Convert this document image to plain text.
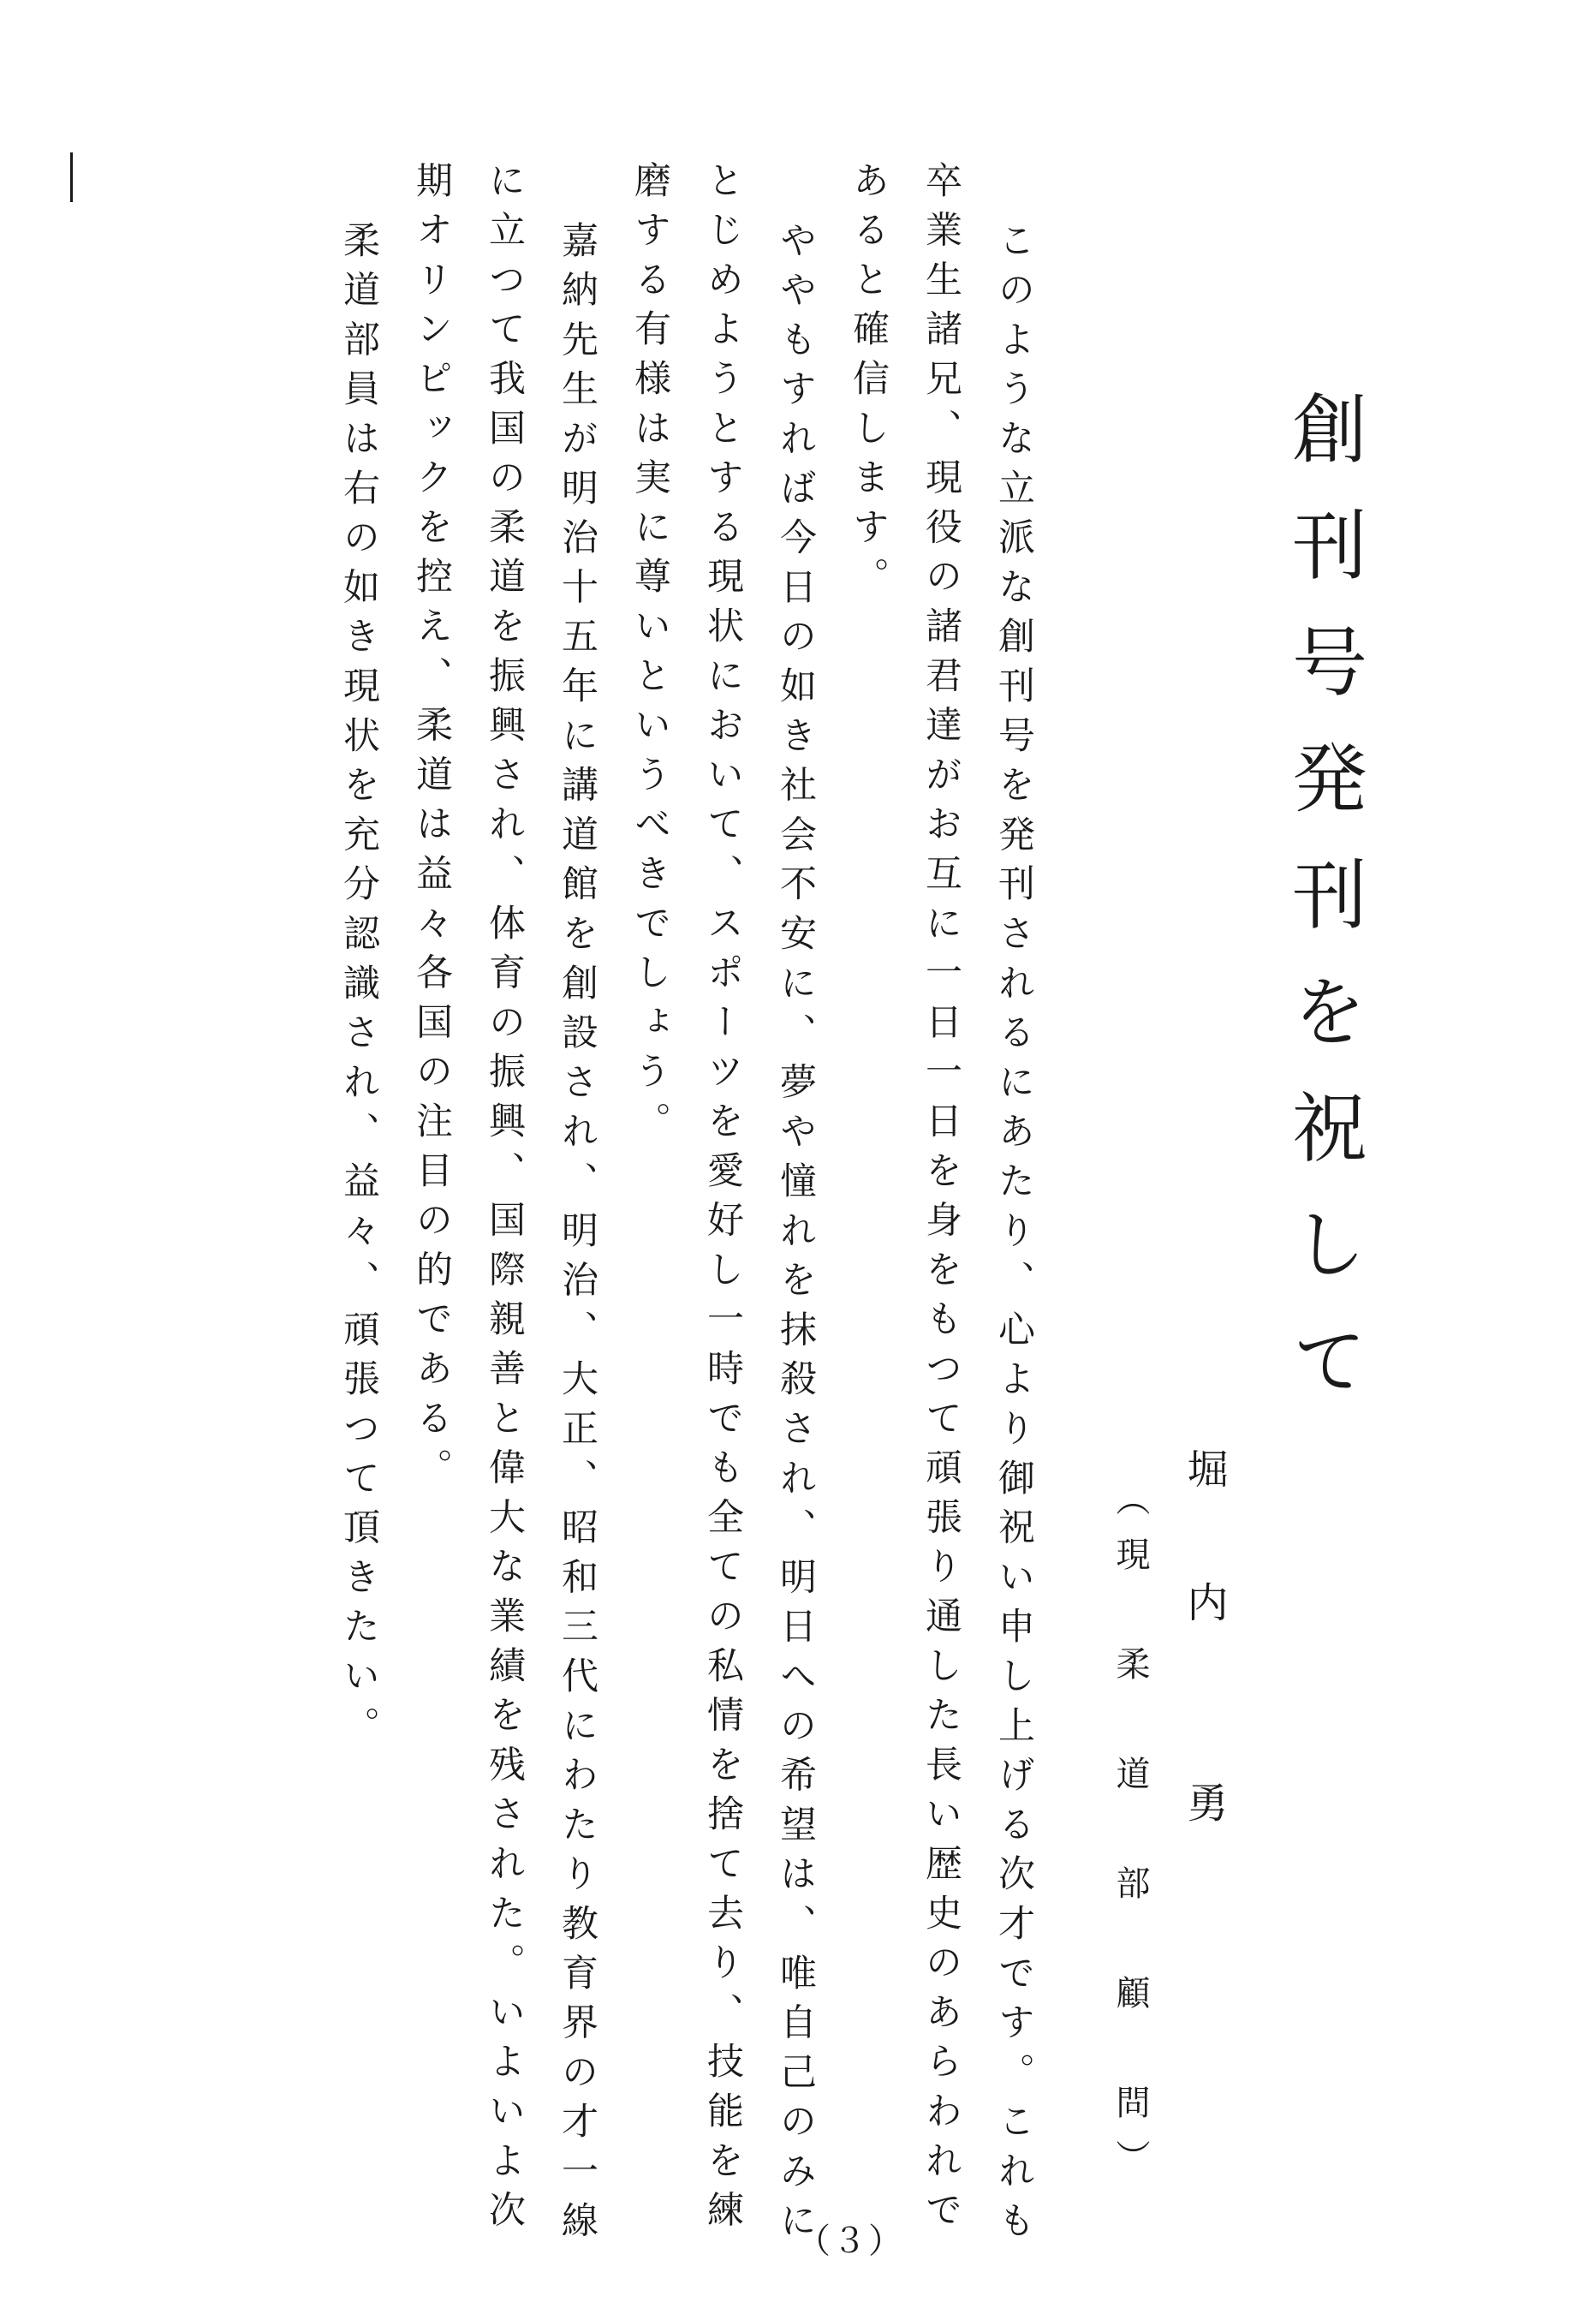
創刊号発刊を祝して
堀　内　　勇
（現　柔　道　部　顧　問）
このような立派な創刊号を発刊されるにあたり、心より御祝い申し上げる次才です。これも
卒業生諸兄、現役の諸君達がお互に一日一日を身をもつて頑張り通した長い歴史のあらわれで
あると確信します。
ややもすれば今日の如き社会不安に、夢や憧れを抹殺され、明日への希望は、唯自己のみに
とじめようとする現状において、スポーツを愛好し一時でも全ての私情を捨て去り、技能を練
磨する有様は実に尊いというべきでしょう。
嘉納先生が明治十五年に講道館を創設され、明治、大正、昭和三代にわたり教育界の才一線
に立つて我国の柔道を振興され、体育の振興、国際親善と偉大な業績を残された。いよいよ次
期オリンピックを控え、柔道は益々各国の注目の的である。
柔道部員は右の如き現状を充分認識され、益々、頑張つて頂きたい。
（３）
